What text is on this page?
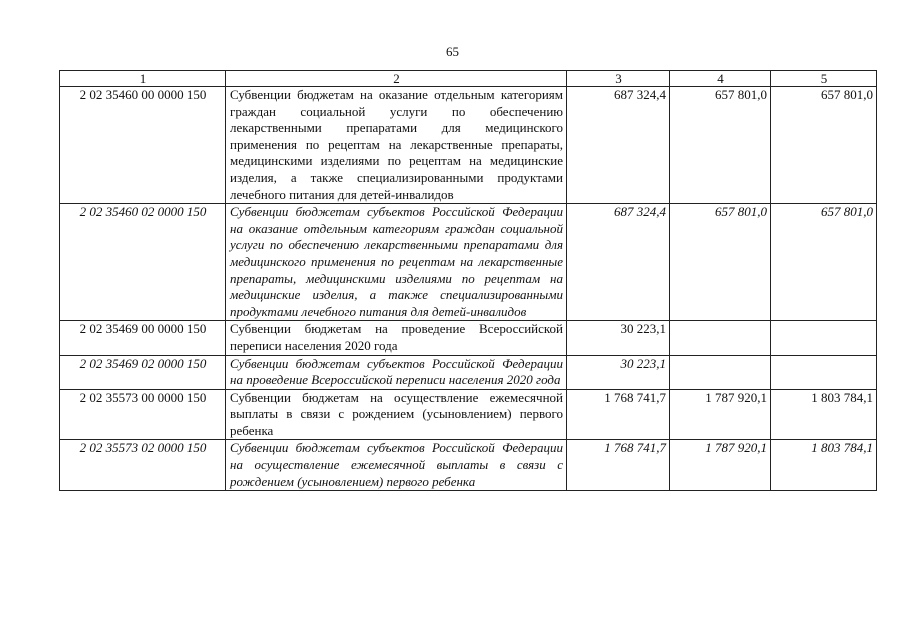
65
1	2	3	4	5
2 02 35460 00 0000 150	Субвенции бюджетам на оказание отдельным категориям граждан социальной услуги по обеспечению лекарственными препаратами для медицинского применения по рецептам на лекарственные препараты, медицинскими изделиями по рецептам на медицинские изделия, а также специализированными продуктами лечебного питания для детей-инвалидов	687 324,4	657 801,0	657 801,0
2 02 35460 02 0000 150	Субвенции бюджетам субъектов Российской Федерации на оказание отдельным категориям граждан социальной услуги по обеспечению лекарственными препаратами для медицинского применения по рецептам на лекарственные препараты, медицинскими изделиями по рецептам на медицинские изделия, а также специализированными продуктами лечебного питания для детей-инвалидов	687 324,4	657 801,0	657 801,0
2 02 35469 00 0000 150	Субвенции бюджетам на проведение Всероссийской переписи населения 2020 года	30 223,1		
2 02 35469 02 0000 150	Субвенции бюджетам субъектов Российской Федерации на проведение Всероссийской переписи населения 2020 года	30 223,1		
2 02 35573 00 0000 150	Субвенции бюджетам на осуществление ежемесячной выплаты в связи с рождением (усыновлением) первого ребенка	1 768 741,7	1 787 920,1	1 803 784,1
2 02 35573 02 0000 150	Субвенции бюджетам субъектов Российской Федерации на осуществление ежемесячной выплаты в связи с рождением (усыновлением) первого ребенка	1 768 741,7	1 787 920,1	1 803 784,1
